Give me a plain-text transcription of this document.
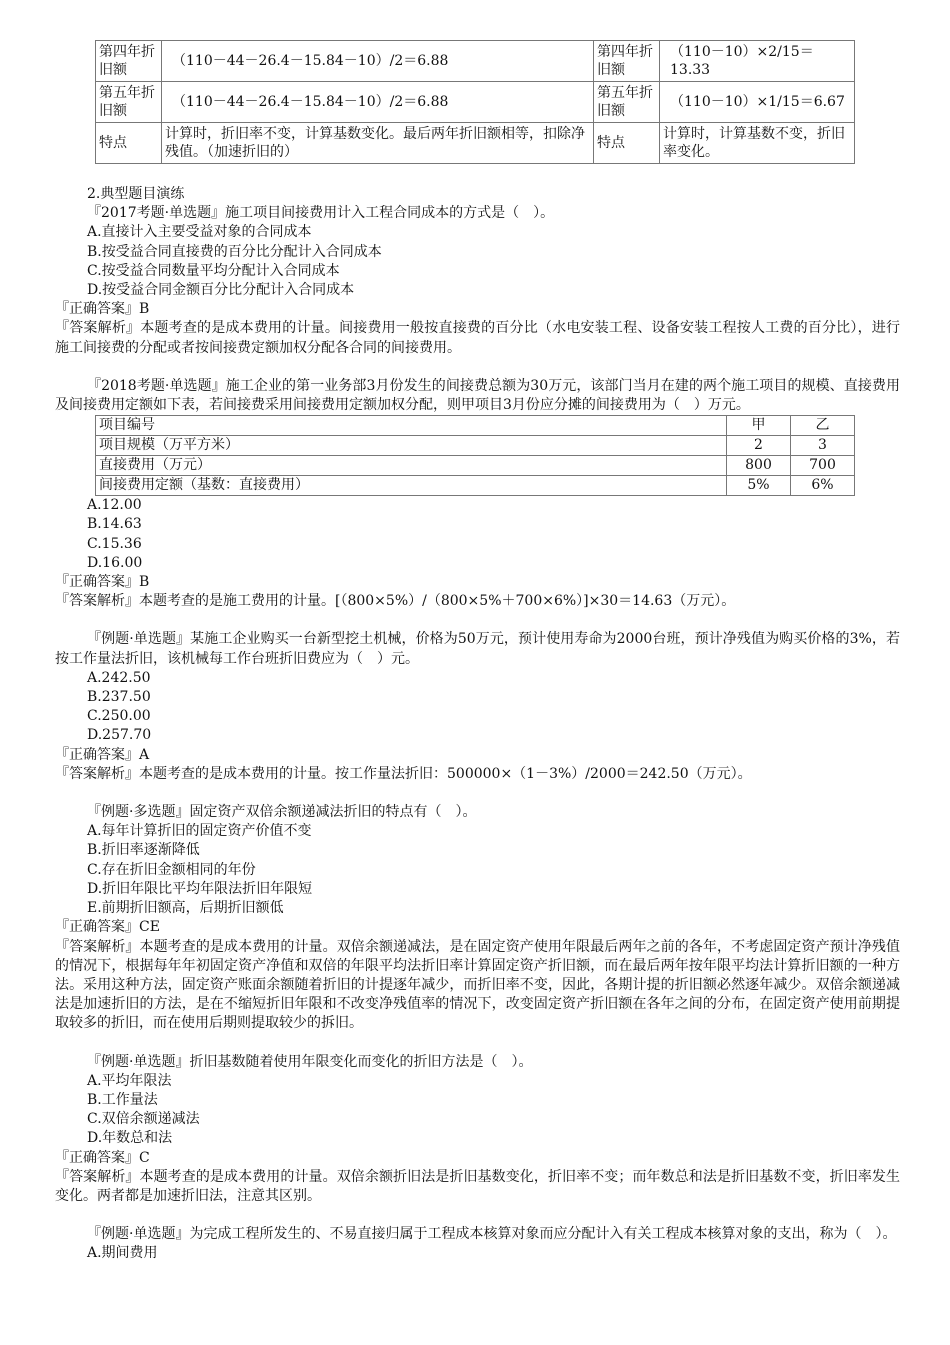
第四年折旧额	（110－44－26.4－15.84－10）/2＝6.88	第四年折旧额	（110－10）×2/15＝13.33
第五年折旧额	（110－44－26.4－15.84－10）/2＝6.88	第五年折旧额	（110－10）×1/15＝6.67
特点	计算时，折旧率不变，计算基数变化。最后两年折旧额相等，扣除净残值。（加速折旧的）	特点	计算时，计算基数不变，折旧率变化。

2.典型题目演练

『2017考题·单选题』施工项目间接费用计入工程合同成本的方式是（　）。

A.直接计入主要受益对象的合同成本

B.按受益合同直接费的百分比分配计入合同成本

C.按受益合同数量平均分配计入合同成本

D.按受益合同金额百分比分配计入合同成本

『正确答案』B

『答案解析』本题考查的是成本费用的计量。间接费用一般按直接费的百分比（水电安装工程、设备安装工程按人工费的百分比），进行施工间接费的分配或者按间接费定额加权分配各合同的间接费用。

『2018考题·单选题』施工企业的第一业务部3月份发生的间接费总额为30万元，该部门当月在建的两个施工项目的规模、直接费用及间接费用定额如下表，若间接费采用间接费用定额加权分配，则甲项目3月份应分摊的间接费用为（　）万元。

项目编号	甲	乙
项目规模（万平方米）	2	3
直接费用（万元）	800	700
间接费用定额（基数：直接费用）	5%	6%

A.12.00

B.14.63

C.15.36

D.16.00

『正确答案』B

『答案解析』本题考查的是施工费用的计量。[（800×5%）/（800×5%＋700×6%）]×30＝14.63（万元）。

『例题·单选题』某施工企业购买一台新型挖土机械，价格为50万元，预计使用寿命为2000台班，预计净残值为购买价格的3%，若按工作量法折旧，该机械每工作台班折旧费应为（　）元。

A.242.50

B.237.50

C.250.00

D.257.70

『正确答案』A

『答案解析』本题考查的是成本费用的计量。按工作量法折旧：500000×（1－3%）/2000＝242.50（万元）。

『例题·多选题』固定资产双倍余额递减法折旧的特点有（　）。

A.每年计算折旧的固定资产价值不变

B.折旧率逐渐降低

C.存在折旧金额相同的年份

D.折旧年限比平均年限法折旧年限短

E.前期折旧额高，后期折旧额低

『正确答案』CE

『答案解析』本题考查的是成本费用的计量。双倍余额递减法，是在固定资产使用年限最后两年之前的各年，不考虑固定资产预计净残值的情况下，根据每年年初固定资产净值和双倍的年限平均法折旧率计算固定资产折旧额，而在最后两年按年限平均法计算折旧额的一种方法。采用这种方法，固定资产账面余额随着折旧的计提逐年减少，而折旧率不变，因此，各期计提的折旧额必然逐年减少。双倍余额递减法是加速折旧的方法，是在不缩短折旧年限和不改变净残值率的情况下，改变固定资产折旧额在各年之间的分布，在固定资产使用前期提取较多的折旧，而在使用后期则提取较少的拆旧。

『例题·单选题』折旧基数随着使用年限变化而变化的折旧方法是（　）。

A.平均年限法

B.工作量法

C.双倍余额递减法

D.年数总和法

『正确答案』C

『答案解析』本题考查的是成本费用的计量。双倍余额折旧法是折旧基数变化，折旧率不变；而年数总和法是折旧基数不变，折旧率发生变化。两者都是加速折旧法，注意其区别。

『例题·单选题』为完成工程所发生的、不易直接归属于工程成本核算对象而应分配计入有关工程成本核算对象的支出，称为（　）。

A.期间费用
